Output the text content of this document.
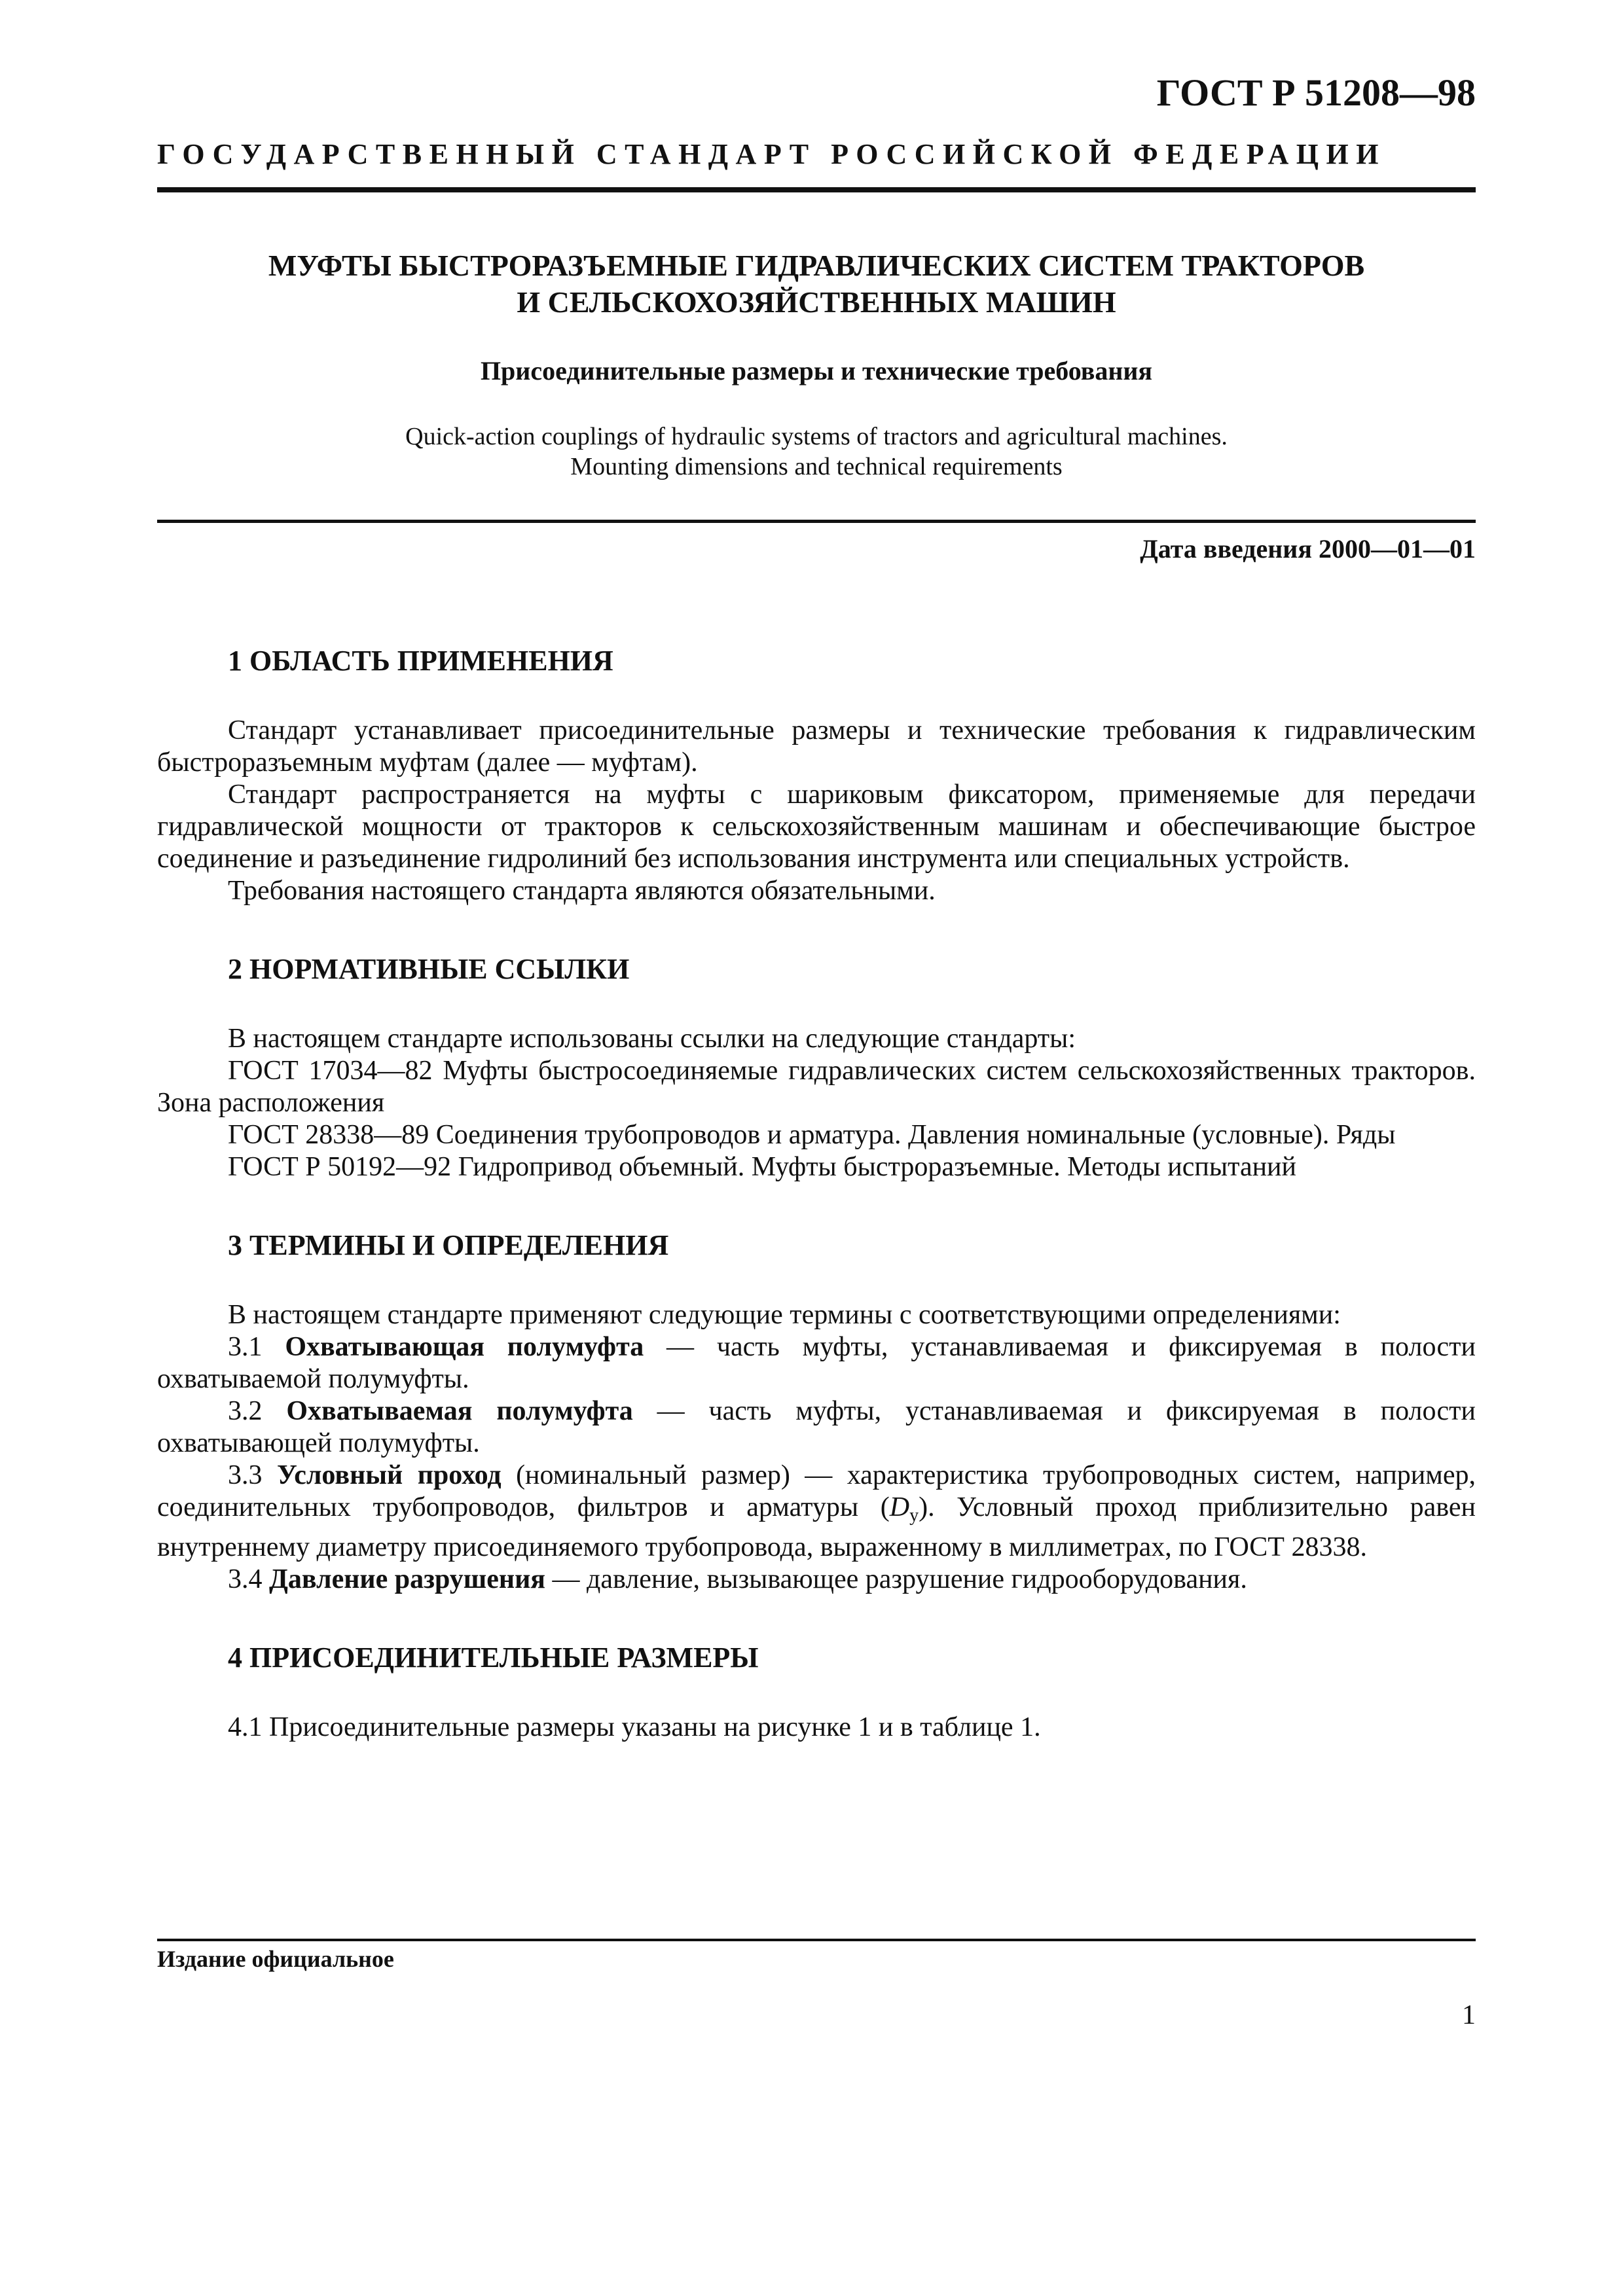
ГОСТ Р 51208—98
ГОСУДАРСТВЕННЫЙ СТАНДАРТ РОССИЙСКОЙ ФЕДЕРАЦИИ
МУФТЫ БЫСТРОРАЗЪЕМНЫЕ ГИДРАВЛИЧЕСКИХ СИСТЕМ ТРАКТОРОВ
И СЕЛЬСКОХОЗЯЙСТВЕННЫХ МАШИН
Присоединительные размеры и технические требования
Quick-action couplings of hydraulic systems of tractors and agricultural machines.
Mounting dimensions and technical requirements
Дата введения 2000—01—01
1 ОБЛАСТЬ ПРИМЕНЕНИЯ

Стандарт устанавливает присоединительные размеры и технические требования к гидравлическим быстроразъемным муфтам (далее — муфтам).

Стандарт распространяется на муфты с шариковым фиксатором, применяемые для передачи гидравлической мощности от тракторов к сельскохозяйственным машинам и обеспечивающие быстрое соединение и разъединение гидролиний без использования инструмента или специальных устройств.

Требования настоящего стандарта являются обязательными.

2 НОРМАТИВНЫЕ ССЫЛКИ

В настоящем стандарте использованы ссылки на следующие стандарты:

ГОСТ 17034—82 Муфты быстросоединяемые гидравлических систем сельскохозяйственных тракторов. Зона расположения

ГОСТ 28338—89 Соединения трубопроводов и арматура. Давления номинальные (условные). Ряды

ГОСТ Р 50192—92 Гидропривод объемный. Муфты быстроразъемные. Методы испытаний

3 ТЕРМИНЫ И ОПРЕДЕЛЕНИЯ

В настоящем стандарте применяют следующие термины с соответствующими определениями:

3.1 Охватывающая полумуфта — часть муфты, устанавливаемая и фиксируемая в полости охватываемой полумуфты.

3.2 Охватываемая полумуфта — часть муфты, устанавливаемая и фиксируемая в полости охватывающей полумуфты.

3.3 Условный проход (номинальный размер) — характеристика трубопроводных систем, например, соединительных трубопроводов, фильтров и арматуры $(D_y)$. Условный проход приблизительно равен внутреннему диаметру присоединяемого трубопровода, выраженному в миллиметрах, по ГОСТ 28338.

3.4 Давление разрушения — давление, вызывающее разрушение гидрооборудования.

4 ПРИСОЕДИНИТЕЛЬНЫЕ РАЗМЕРЫ

4.1 Присоединительные размеры указаны на рисунке 1 и в таблице 1.

Издание официальное
1
